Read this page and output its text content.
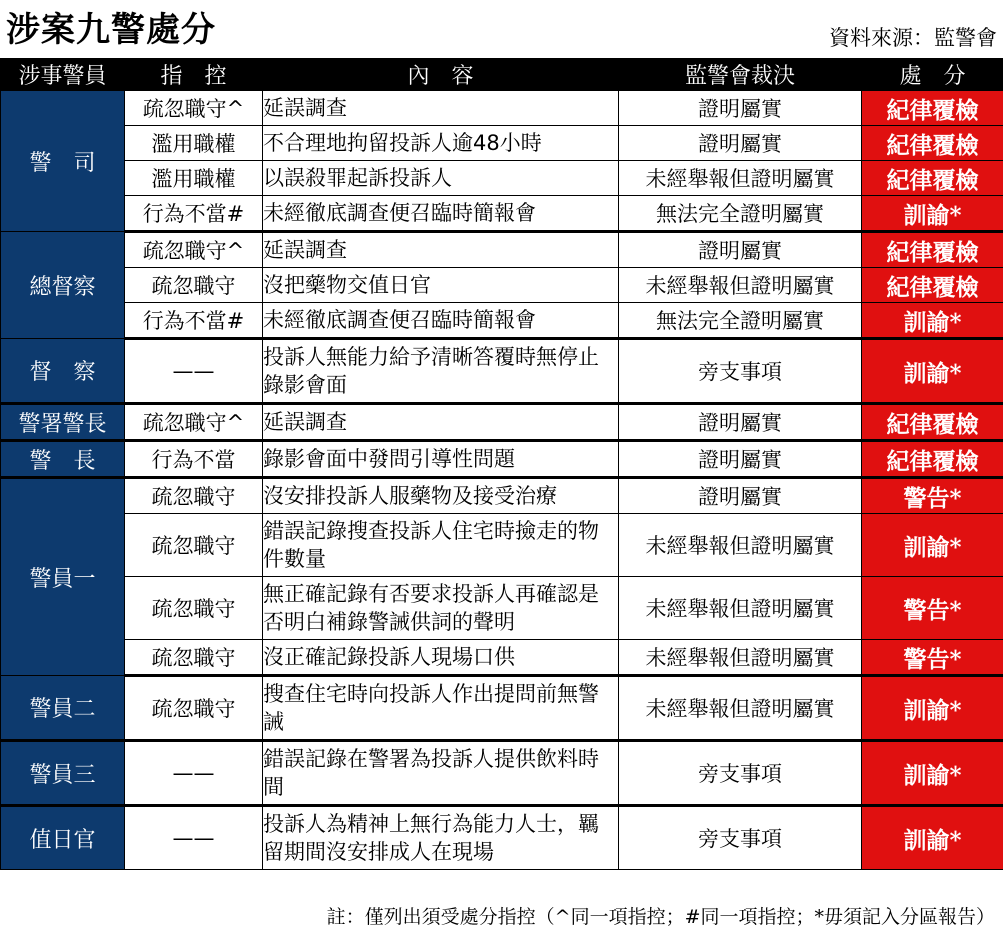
涉案九警處分	資料來源：監警會
涉事警員	指　控	內　容	監警會裁決	處　分
警　司	疏忽職守^	延誤調查	證明屬實	紀律覆檢
	濫用職權	不合理地拘留投訴人逾48小時	證明屬實	紀律覆檢
	濫用職權	以誤殺罪起訴投訴人	未經舉報但證明屬實	紀律覆檢
	行為不當#	未經徹底調查便召臨時簡報會	無法完全證明屬實	訓諭*
總督察	疏忽職守^	延誤調查	證明屬實	紀律覆檢
	疏忽職守	沒把藥物交值日官	未經舉報但證明屬實	紀律覆檢
	行為不當#	未經徹底調查便召臨時簡報會	無法完全證明屬實	訓諭*
督　察	——	投訴人無能力給予清晰答覆時無停止錄影會面	旁支事項	訓諭*
警署警長	疏忽職守^	延誤調查	證明屬實	紀律覆檢
警　長	行為不當	錄影會面中發問引導性問題	證明屬實	紀律覆檢
警員一	疏忽職守	沒安排投訴人服藥物及接受治療	證明屬實	警告*
	疏忽職守	錯誤記錄搜查投訴人住宅時撿走的物件數量	未經舉報但證明屬實	訓諭*
	疏忽職守	無正確記錄有否要求投訴人再確認是否明白補錄警誡供詞的聲明	未經舉報但證明屬實	警告*
	疏忽職守	沒正確記錄投訴人現場口供	未經舉報但證明屬實	警告*
警員二	疏忽職守	搜查住宅時向投訴人作出提問前無警誡	未經舉報但證明屬實	訓諭*
警員三	——	錯誤記錄在警署為投訴人提供飲料時間	旁支事項	訓諭*
值日官	——	投訴人為精神上無行為能力人士，羈留期間沒安排成人在現場	旁支事項	訓諭*
註：僅列出須受處分指控（^同一項指控；#同一項指控；*毋須記入分區報告）
